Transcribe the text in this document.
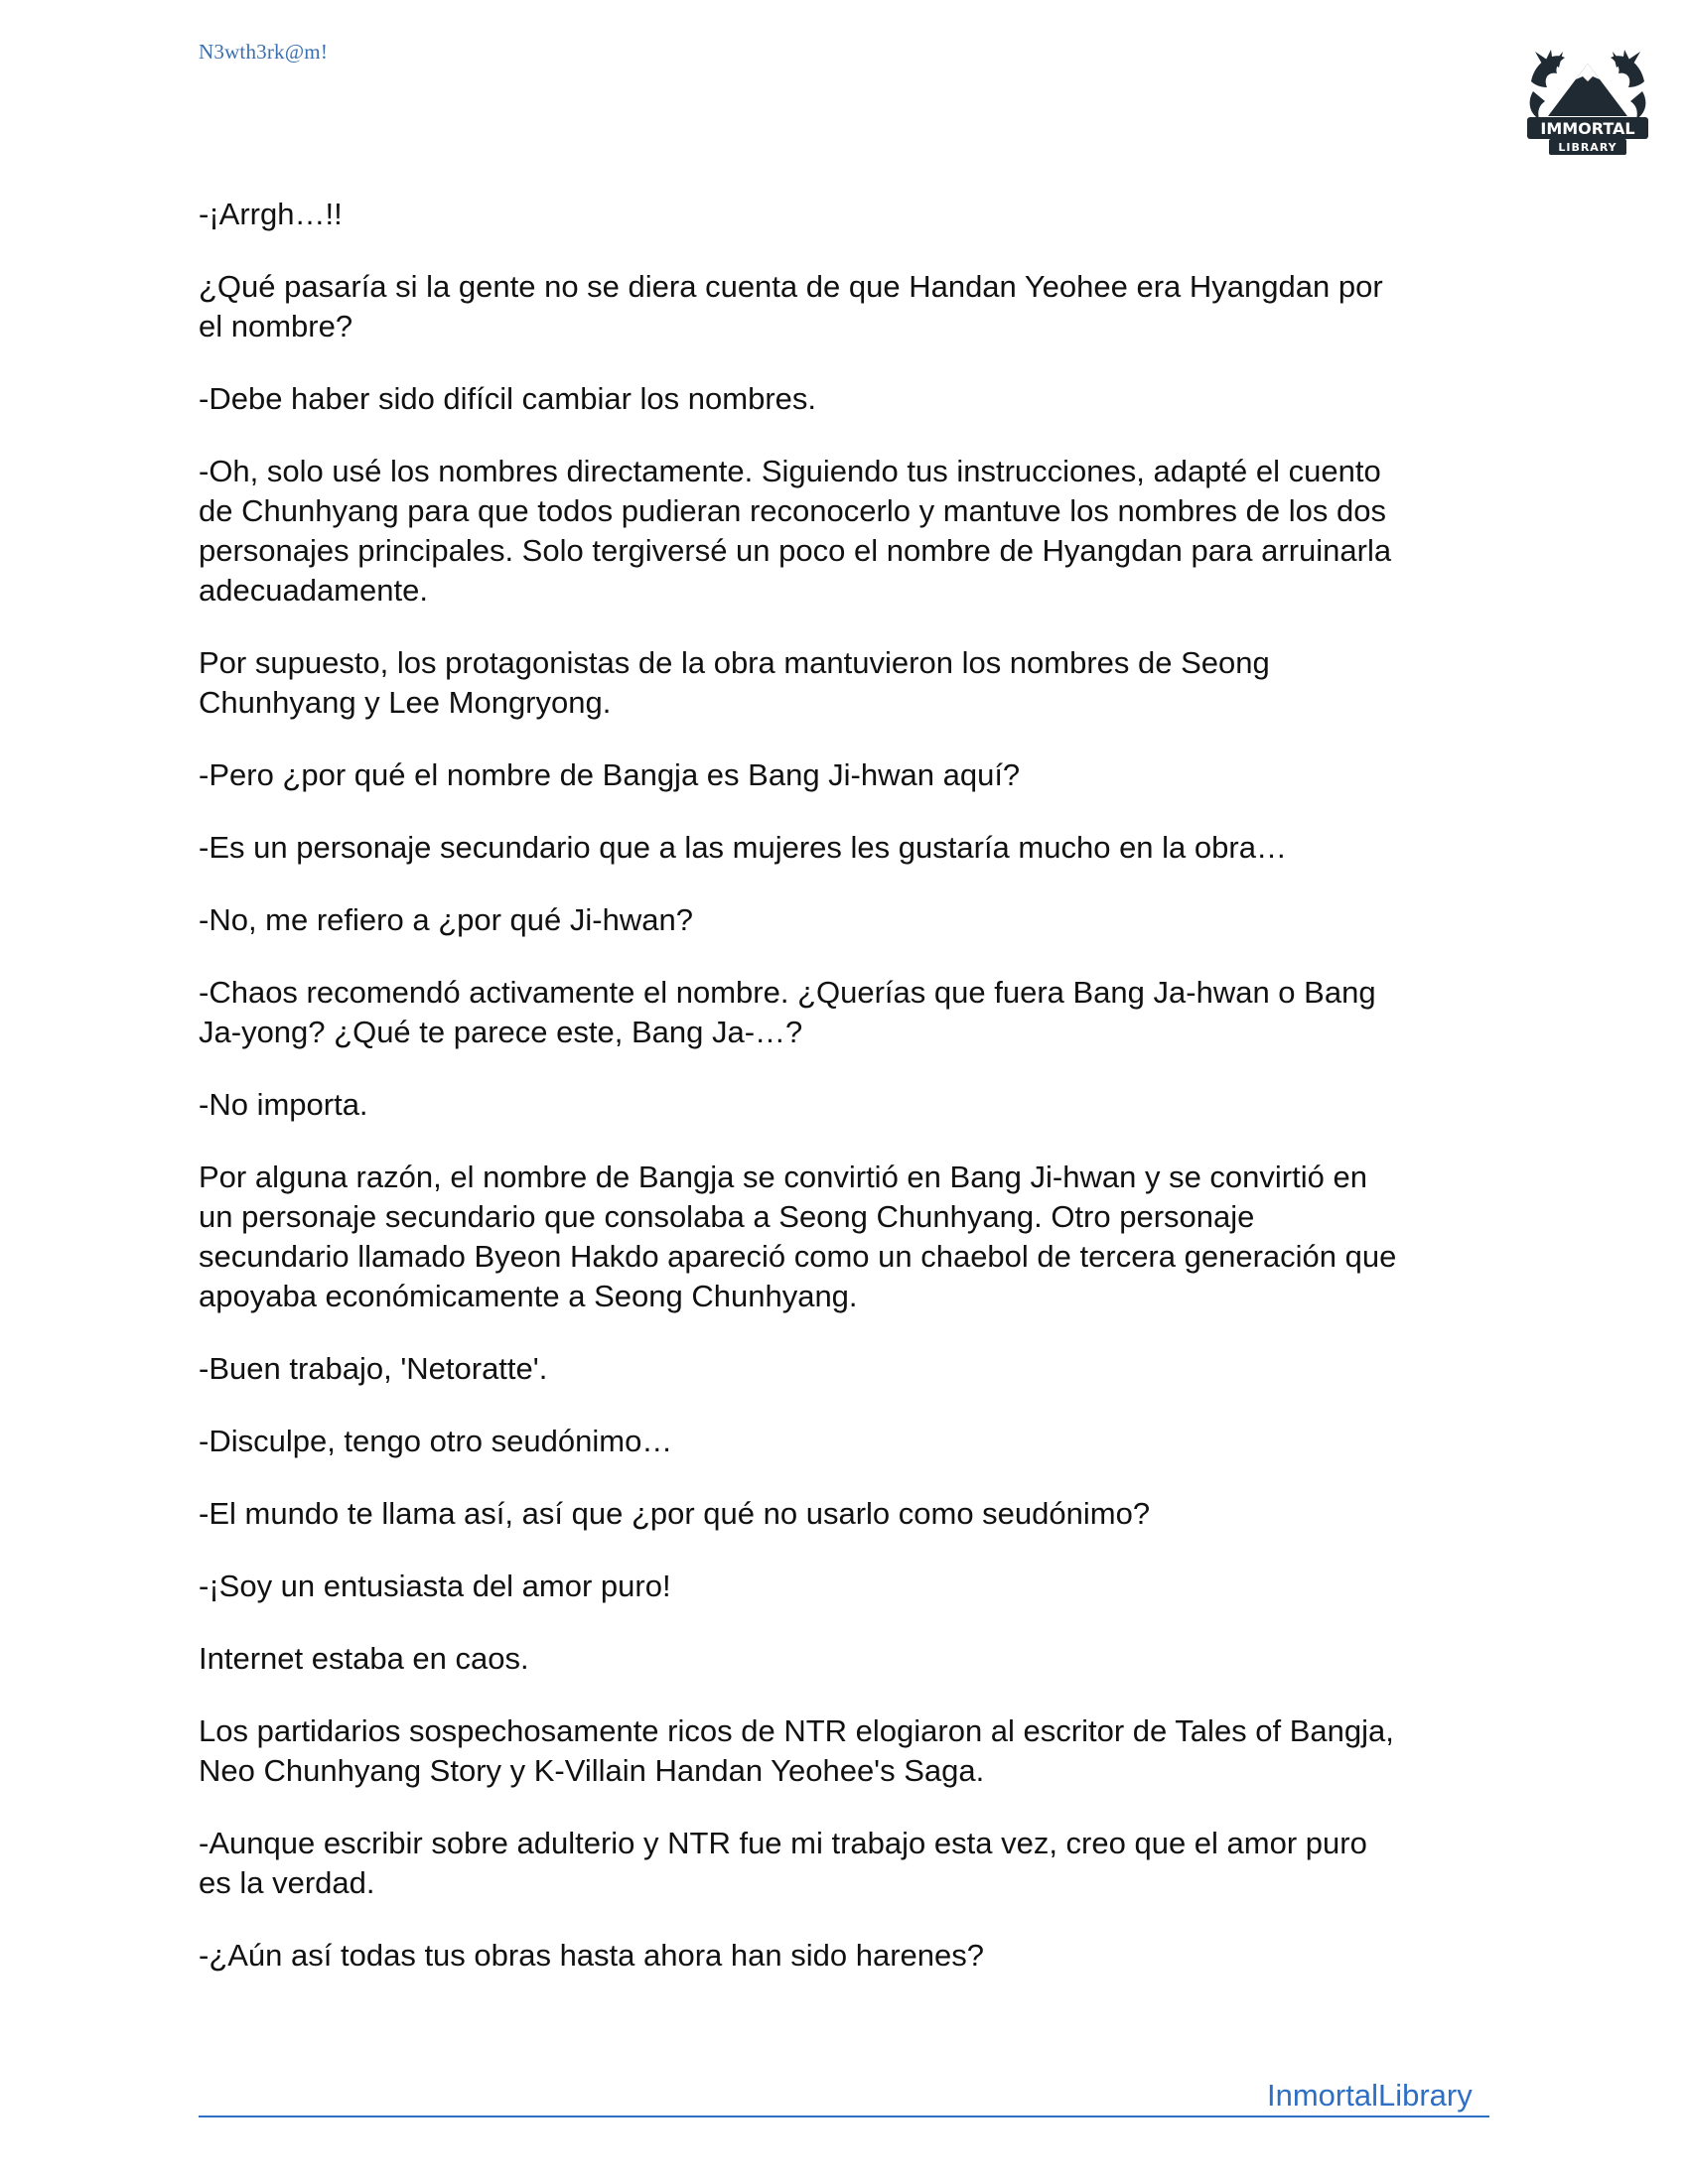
N3wth3rk@m!
IMMORTAL
LIBRARY

-¡Arrgh…!!

¿Qué pasaría si la gente no se diera cuenta de que Handan Yeohee era Hyangdan por
el nombre?

-Debe haber sido difícil cambiar los nombres.

-Oh, solo usé los nombres directamente. Siguiendo tus instrucciones, adapté el cuento
de Chunhyang para que todos pudieran reconocerlo y mantuve los nombres de los dos
personajes principales. Solo tergiversé un poco el nombre de Hyangdan para arruinarla
adecuadamente.

Por supuesto, los protagonistas de la obra mantuvieron los nombres de Seong
Chunhyang y Lee Mongryong.

-Pero ¿por qué el nombre de Bangja es Bang Ji-hwan aquí?

-Es un personaje secundario que a las mujeres les gustaría mucho en la obra…

-No, me refiero a ¿por qué Ji-hwan?

-Chaos recomendó activamente el nombre. ¿Querías que fuera Bang Ja-hwan o Bang
Ja-yong? ¿Qué te parece este, Bang Ja-…?

-No importa.

Por alguna razón, el nombre de Bangja se convirtió en Bang Ji-hwan y se convirtió en
un personaje secundario que consolaba a Seong Chunhyang. Otro personaje
secundario llamado Byeon Hakdo apareció como un chaebol de tercera generación que
apoyaba económicamente a Seong Chunhyang.

-Buen trabajo, 'Netoratte'.

-Disculpe, tengo otro seudónimo…

-El mundo te llama así, así que ¿por qué no usarlo como seudónimo?

-¡Soy un entusiasta del amor puro!

Internet estaba en caos.

Los partidarios sospechosamente ricos de NTR elogiaron al escritor de Tales of Bangja,
Neo Chunhyang Story y K-Villain Handan Yeohee's Saga.

-Aunque escribir sobre adulterio y NTR fue mi trabajo esta vez, creo que el amor puro
es la verdad.

-¿Aún así todas tus obras hasta ahora han sido harenes?

InmortalLibrary
